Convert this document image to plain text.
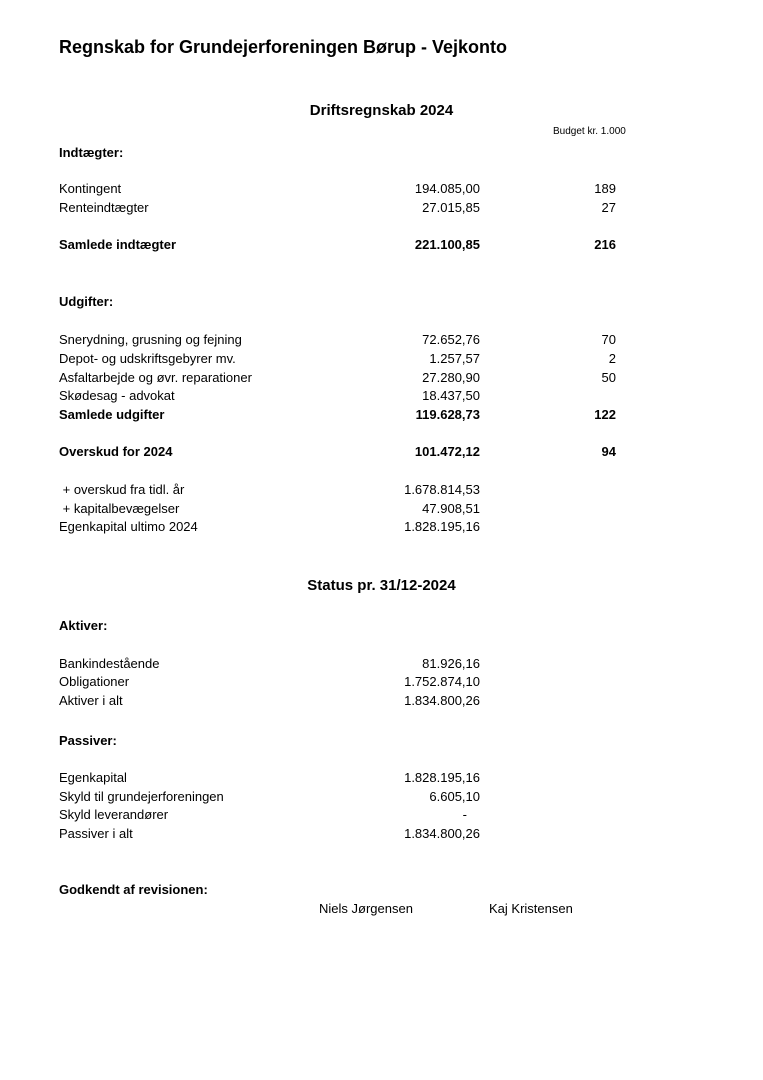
Regnskab for Grundejerforeningen Børup - Vejkonto
Driftsregnskab 2024
Budget kr. 1.000
Indtægter:
Kontingent	194.085,00	189
Renteindtægter	27.015,85	27
Samlede indtægter	221.100,85	216
Udgifter:
Snerydning, grusning og fejning	72.652,76	70
Depot- og udskriftsgebyrer mv.	1.257,57	2
Asfaltarbejde og øvr. reparationer	27.280,90	50
Skødesag - advokat	18.437,50
Samlede udgifter	119.628,73	122
Overskud for 2024	101.472,12	94
+ overskud fra tidl. år	1.678.814,53
+ kapitalbevægelser	47.908,51
Egenkapital ultimo 2024	1.828.195,16
Status pr. 31/12-2024
Aktiver:
Bankindestående	81.926,16
Obligationer	1.752.874,10
Aktiver i alt	1.834.800,26
Passiver:
Egenkapital	1.828.195,16
Skyld til grundejerforeningen	6.605,10
Skyld leverandører	-
Passiver i alt	1.834.800,26
Godkendt af revisionen:
Niels Jørgensen	Kaj Kristensen
